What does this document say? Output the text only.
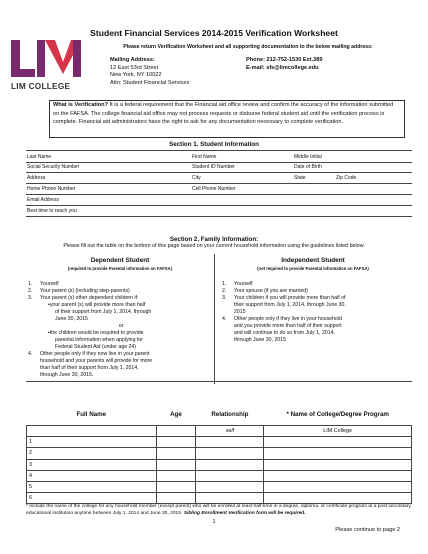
Student Financial Services 2014-2015 Verification Worksheet
LIM COLLEGE
Please return Verification Worksheet and all supporting documentation to the below mailing address:
Mailing Address:
12 East 53rd Street
New York, NY 10022
Attn: Student Financial Services
Phone: 212-752-1530 Ext.389
E-mail: sfs@limcollege.edu
What is Verification? It is a federal requirement that the Financial aid office review and confirm the accuracy of the information submitted on the FAFSA. The college financial aid office may not process requests or disburse federal student aid until the verification process is complete. Financial aid administrators have the right to ask for any documentation necessary to complete verification.
Section 1. Student Information
Last Name	First Name	Middle Initial
Social Security Number	Student ID Number	Date of Birth
Address	City	State	Zip Code
Home Phone Number	Cell Phone Number
Email Address
Best time to reach you
Section 2. Family Information:
Please fill out the table on the bottom of this page based on your current household information using the guidelines listed below.
Dependent Student
(required to provide Parental information on FAFSA)
Independent Student
(not required to provide Parental information on FAFSA)
1. Yourself
2. Your parent (s) (including step-parents)
3. Your parent (s) other dependent children if:
▪your parent (s) will provide more than half
of their support from July 1, 2014, through
June 30, 2015
or
▪the children would be required to provide
parental information when applying for
Federal Student Aid (under age 24)
4. Other people only if they now live in your parent
household and your parents will provide for more
than half of their support from July 1, 2014,
through June 30, 2015.
1. Yourself
2. Your spouse (if you are married)
3. Your children if you will provide more than half of
their support from July 1, 2014, through June 30,
2015
4. Other people only if they live in your household
and you provide more than half of their support
and will continue to do so from July 1, 2014,
through June 30, 2015
Full Name	Age	Relationship	* Name of College/Degree Program
		self	LIM College
1			
2			
3			
4			
5			
6			
* Include the name of the college for any household member (except parent) who will be enrolled at least half-time in a degree, diploma, or certificate program at a post secondary educational institution anytime between July 1, 2014 and June 30, 2015. Sibling Enrollment Verification form will be required.
1
Please continue to page 2
